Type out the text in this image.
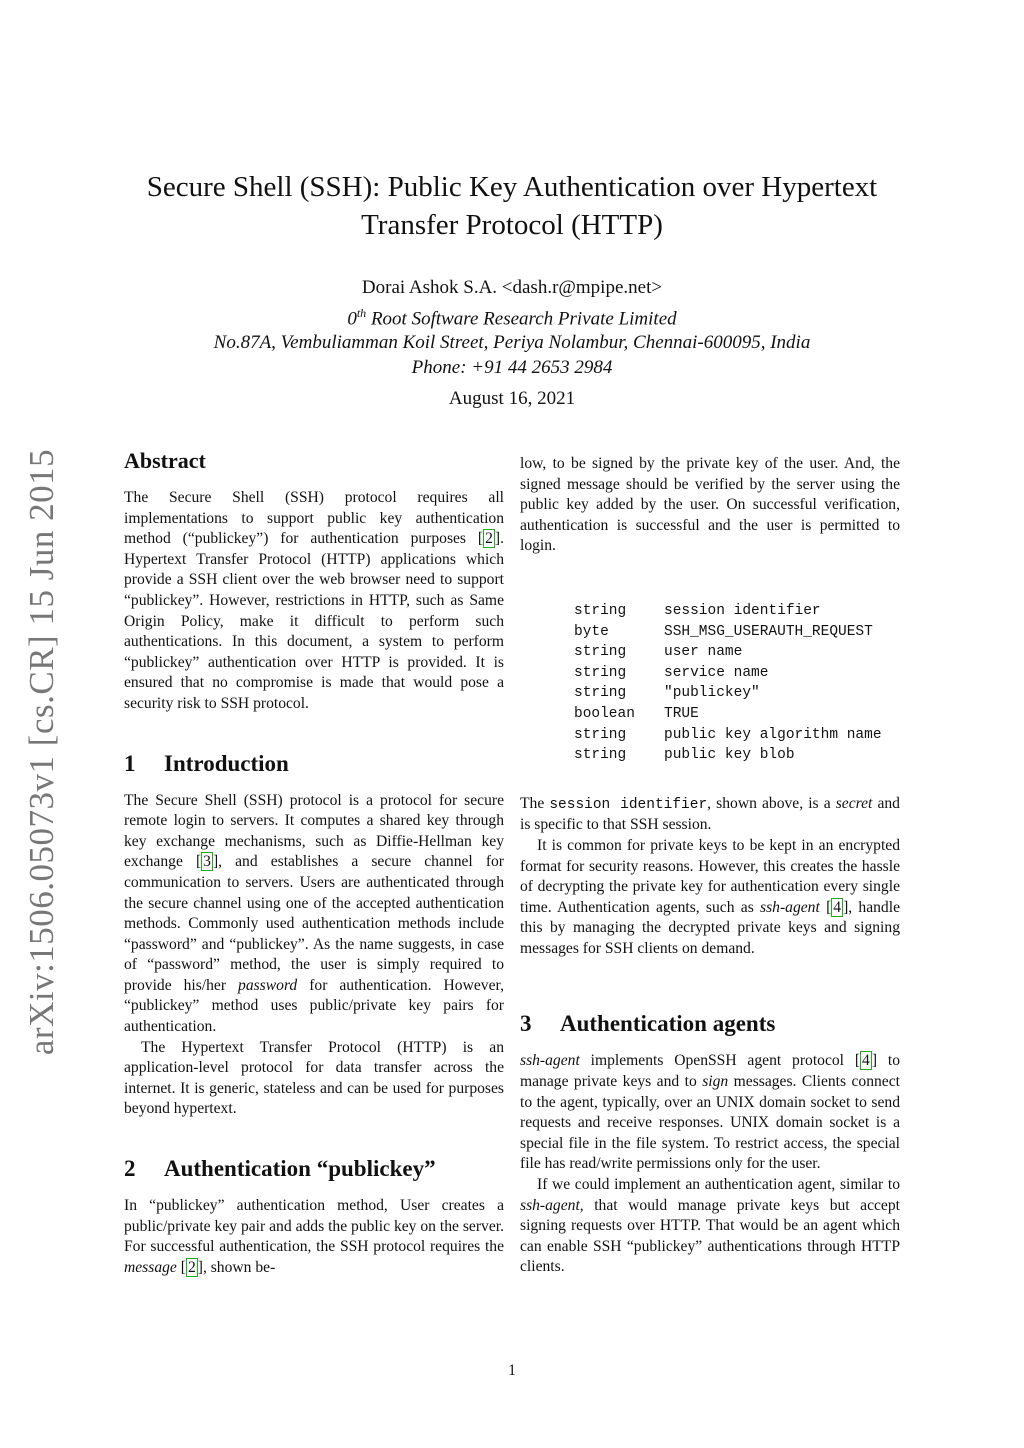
arXiv:1506.05073v1 [cs.CR] 15 Jun 2015
Secure Shell (SSH): Public Key Authentication over Hypertext
Transfer Protocol (HTTP)
Dorai Ashok S.A. <dash.r@mpipe.net>
0th Root Software Research Private Limited
No.87A, Vembuliamman Koil Street, Periya Nolambur, Chennai-600095, India
Phone: +91 44 2653 2984
August 16, 2021
Abstract

The Secure Shell (SSH) protocol requires all implementations to support public key authentication method (“publickey”) for authentication purposes [ 2 ]. Hypertext Transfer Protocol (HTTP) applications which provide a SSH client over the web browser need to support “publickey”. However, restrictions in HTTP, such as Same Origin Policy, make it difficult to perform such authentications. In this document, a system to perform “publickey” authentication over HTTP is provided. It is ensured that no compromise is made that would pose a security risk to SSH protocol.

1	Introduction

The Secure Shell (SSH) protocol is a protocol for secure remote login to servers. It computes a shared key through key exchange mechanisms, such as Diffie-Hellman key exchange [ 3 ], and establishes a secure channel for communication to servers. Users are authenticated through the secure channel using one of the accepted authentication methods. Commonly used authentication methods include “password” and “publickey”. As the name suggests, in case of “password” method, the user is simply required to provide his/her password for authentication. However, “publickey” method uses public/private key pairs for authentication.

The Hypertext Transfer Protocol (HTTP) is an application-level protocol for data transfer across the internet. It is generic, stateless and can be used for purposes beyond hypertext.

2	Authentication “publickey”

In “publickey” authentication method, User creates a public/private key pair and adds the public key on the server. For successful authentication, the SSH protocol requires the message [ 2 ], shown be-

low, to be signed by the private key of the user. And, the signed message should be verified by the server using the public key added by the user. On successful verification, authentication is successful and the user is permitted to login.

string	session identifier
byte	SSH_MSG_USERAUTH_REQUEST
string	user name
string	service name
string	"publickey"
boolean	TRUE
string	public key algorithm name
string	public key blob

The session identifier, shown above, is a secret and is specific to that SSH session.

It is common for private keys to be kept in an encrypted format for security reasons. However, this creates the hassle of decrypting the private key for authentication every single time. Authentication agents, such as ssh-agent [ 4 ], handle this by managing the decrypted private keys and signing messages for SSH clients on demand.

3	Authentication agents

ssh-agent implements OpenSSH agent protocol [ 4 ] to manage private keys and to sign messages. Clients connect to the agent, typically, over an UNIX domain socket to send requests and receive responses. UNIX domain socket is a special file in the file system. To restrict access, the special file has read/write permissions only for the user.

If we could implement an authentication agent, similar to ssh-agent, that would manage private keys but accept signing requests over HTTP. That would be an agent which can enable SSH “publickey” authentications through HTTP clients.

1
